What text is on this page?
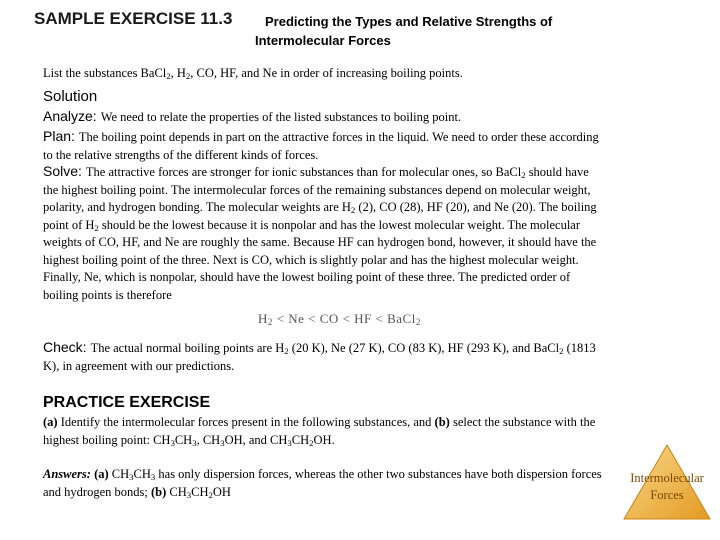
SAMPLE EXERCISE 11.3	Predicting the Types and Relative Strengths of
Intermolecular Forces
List the substances BaCl$_2$, $H_2$, CO, HF, and Ne in order of increasing boiling points.
Solution
Analyze: We need to relate the properties of the listed substances to boiling point.
Plan: The boiling point depends in part on the attractive forces in the liquid. We need to order these according
to the relative strengths of the different kinds of forces.
Solve: The attractive forces are stronger for ionic substances than for molecular ones, so BaCl$_2$ should have
the highest boiling point. The intermolecular forces of the remaining substances depend on molecular weight,
polarity, and hydrogen bonding. The molecular weights are $H_2$ (2), CO (28), HF (20), and Ne (20). The boiling
point of $H_2$ should be the lowest because it is nonpolar and has the lowest molecular weight. The molecular
weights of CO, HF, and Ne are roughly the same. Because HF can hydrogen bond, however, it should have the
highest boiling point of the three. Next is CO, which is slightly polar and has the highest molecular weight.
Finally, Ne, which is nonpolar, should have the lowest boiling point of these three. The predicted order of
boiling points is therefore
$H_2 < Ne$ < CO < HF < BaCl$_2$
Check: The actual normal boiling points are $H_2$ (20 K), Ne (27 K), CO (83 K), HF (293 K), and BaCl$_2$ (1813
K), in agreement with our predictions.
PRACTICE EXERCISE
(a) Identify the intermolecular forces present in the following substances, and (b) select the substance with the
highest boiling point: $CH_3CH_3$, $CH_3OH$, and $CH_3CH_2OH$.
Answers: (a) $CH_3CH_3$ has only dispersion forces, whereas the other two substances have both dispersion forces
and hydrogen bonds; (b) $CH_3CH_2OH$
Intermolecular
Forces
